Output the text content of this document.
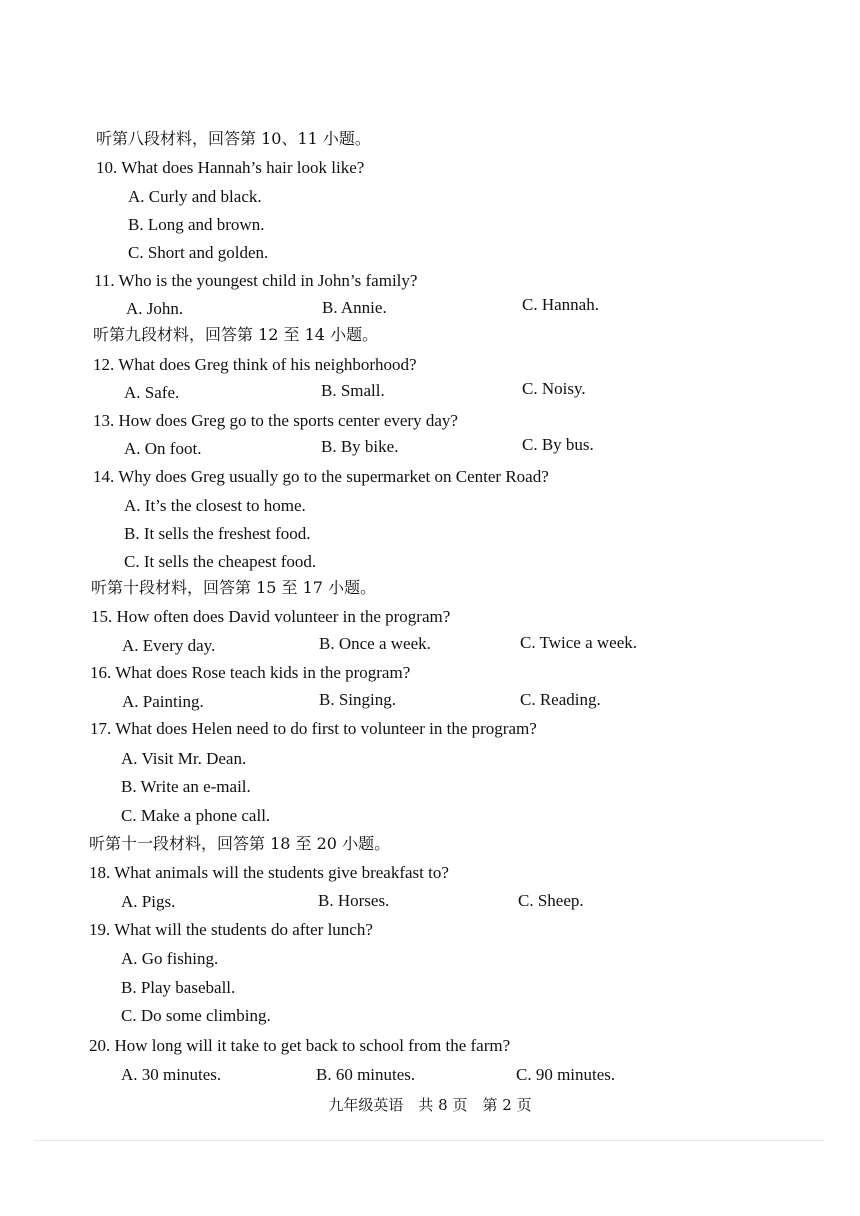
听第八段材料，回答第 10、11 小题。
10. What does Hannah’s hair look like?
A. Curly and black.
B. Long and brown.
C. Short and golden.
11. Who is the youngest child in John’s family?
A. John.	B. Annie.	C. Hannah.
听第九段材料，回答第 12 至 14 小题。
12. What does Greg think of his neighborhood?
A. Safe.	B. Small.	C. Noisy.
13. How does Greg go to the sports center every day?
A. On foot.	B. By bike.	C. By bus.
14. Why does Greg usually go to the supermarket on Center Road?
A. It’s the closest to home.
B. It sells the freshest food.
C. It sells the cheapest food.
听第十段材料，回答第 15 至 17 小题。
15. How often does David volunteer in the program?
A. Every day.	B. Once a week.	C. Twice a week.
16. What does Rose teach kids in the program?
A. Painting.	B. Singing.	C. Reading.
17. What does Helen need to do first to volunteer in the program?
A. Visit Mr. Dean.
B. Write an e-mail.
C. Make a phone call.
听第十一段材料，回答第 18 至 20 小题。
18. What animals will the students give breakfast to?
A. Pigs.	B. Horses.	C. Sheep.
19. What will the students do after lunch?
A. Go fishing.
B. Play baseball.
C. Do some climbing.
20. How long will it take to get back to school from the farm?
A. 30 minutes.	B. 60 minutes.	C. 90 minutes.
九年级英语　共 8 页　第 2 页
